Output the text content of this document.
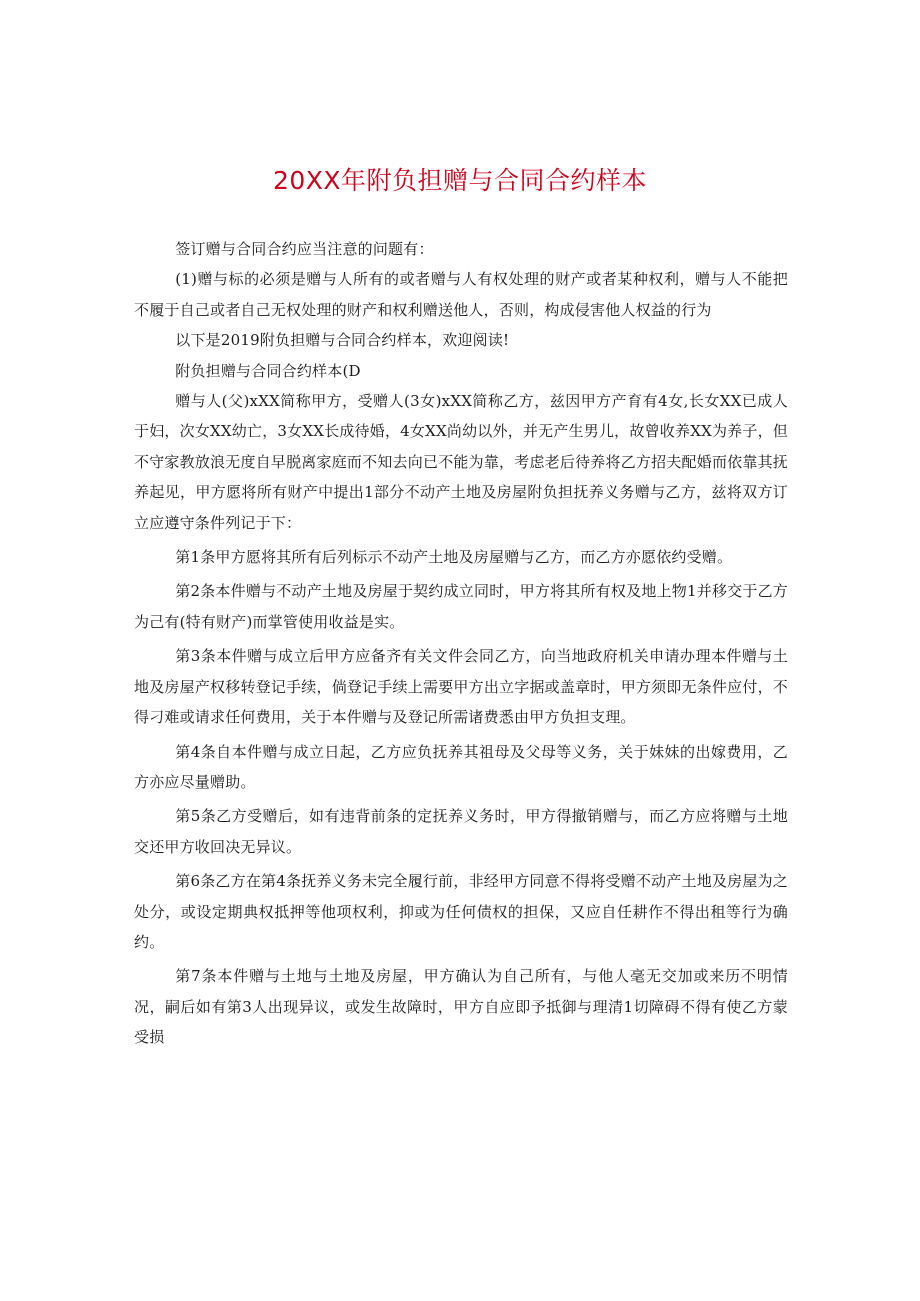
20XX年附负担赠与合同合约样本

签订赠与合同合约应当注意的问题有：

(1)赠与标的必须是赠与人所有的或者赠与人有权处理的财产或者某种权利，赠与人不能把不履于自己或者自己无权处理的财产和权利赠送他人，否则，构成侵害他人权益的行为

以下是2019附负担赠与合同合约样本，欢迎阅读!

附负担赠与合同合约样本(D

赠与人(父)xXX简称甲方，受赠人(3女)xXX简称乙方，兹因甲方产育有4女,长女XX已成人于妇，次女XX幼亡，3女XX长成待婚，4女XX尚幼以外，并无产生男儿，故曾收养XX为养子，但不守家教放浪无度自早脱离家庭而不知去向已不能为靠，考虑老后待养将乙方招夫配婚而依靠其抚养起见，甲方愿将所有财产中提出1部分不动产土地及房屋附负担抚养义务赠与乙方，兹将双方订立应遵守条件列记于下：

第1条甲方愿将其所有后列标示不动产土地及房屋赠与乙方，而乙方亦愿依约受赠。

第2条本件赠与不动产土地及房屋于契约成立同时，甲方将其所有权及地上物1并移交于乙方为己有(特有财产)而掌管使用收益是实。

第3条本件赠与成立后甲方应备齐有关文件会同乙方，向当地政府机关申请办理本件赠与土地及房屋产权移转登记手续，倘登记手续上需要甲方出立字据或盖章时，甲方须即无条件应付，不得刁难或请求任何费用，关于本件赠与及登记所需诸费悉由甲方负担支理。

第4条自本件赠与成立日起，乙方应负抚养其祖母及父母等义务，关于妹妹的出嫁费用，乙方亦应尽量赠助。

第5条乙方受赠后，如有违背前条的定抚养义务时，甲方得撤销赠与，而乙方应将赠与土地交还甲方收回决无异议。

第6条乙方在第4条抚养义务未完全履行前，非经甲方同意不得将受赠不动产土地及房屋为之处分，或设定期典权抵押等他项权利，抑或为任何债权的担保，又应自任耕作不得出租等行为确约。

第7条本件赠与土地与土地及房屋，甲方确认为自己所有，与他人毫无交加或来历不明情况，嗣后如有第3人出现异议，或发生故障时，甲方自应即予抵御与理清1切障碍不得有使乙方蒙受损
